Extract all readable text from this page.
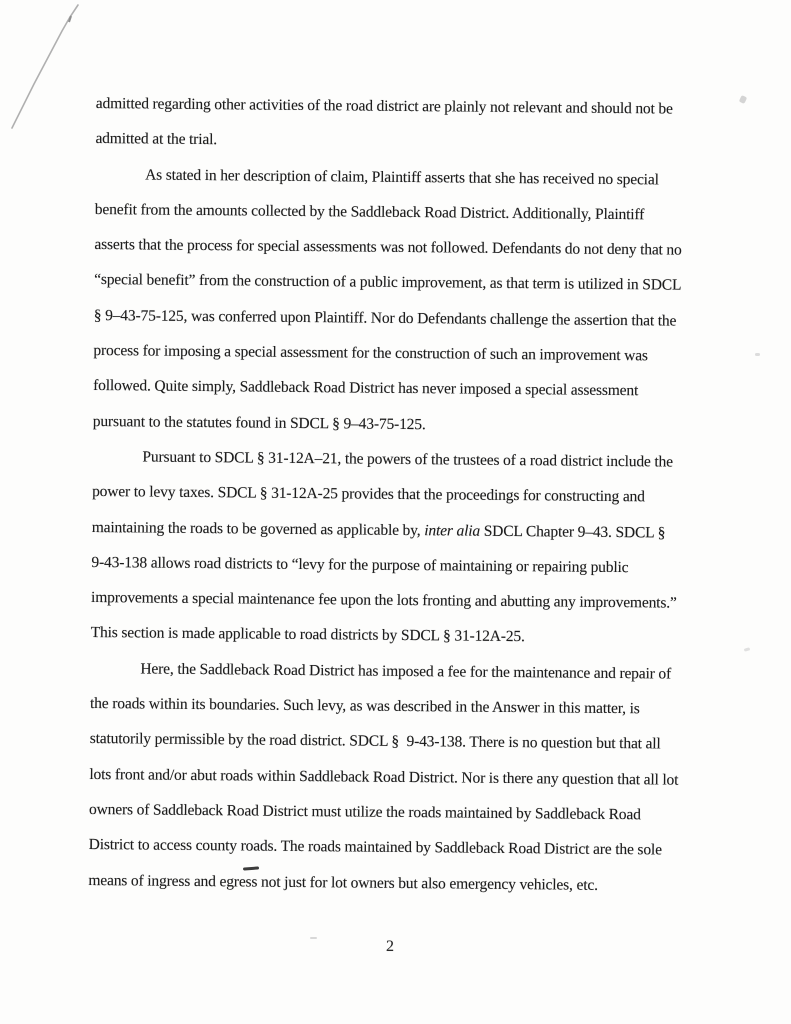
admitted regarding other activities of the road district are plainly not relevant and should not be

admitted at the trial.

As stated in her description of claim, Plaintiff asserts that she has received no special

benefit from the amounts collected by the Saddleback Road District. Additionally, Plaintiff

asserts that the process for special assessments was not followed. Defendants do not deny that no

“special benefit” from the construction of a public improvement, as that term is utilized in SDCL

§ 9–43-75-125, was conferred upon Plaintiff. Nor do Defendants challenge the assertion that the

process for imposing a special assessment for the construction of such an improvement was

followed. Quite simply, Saddleback Road District has never imposed a special assessment

pursuant to the statutes found in SDCL § 9–43-75-125.

Pursuant to SDCL § 31-12A–21, the powers of the trustees of a road district include the

power to levy taxes. SDCL § 31-12A-25 provides that the proceedings for constructing and

maintaining the roads to be governed as applicable by, inter alia SDCL Chapter 9–43. SDCL §

9-43-138 allows road districts to “levy for the purpose of maintaining or repairing public

improvements a special maintenance fee upon the lots fronting and abutting any improvements.”

This section is made applicable to road districts by SDCL § 31-12A-25.

Here, the Saddleback Road District has imposed a fee for the maintenance and repair of

the roads within its boundaries. Such levy, as was described in the Answer in this matter, is

statutorily permissible by the road district. SDCL §  9-43-138. There is no question but that all

lots front and/or abut roads within Saddleback Road District. Nor is there any question that all lot

owners of Saddleback Road District must utilize the roads maintained by Saddleback Road

District to access county roads. The roads maintained by Saddleback Road District are the sole

means of ingress and egress not just for lot owners but also emergency vehicles, etc.

2
